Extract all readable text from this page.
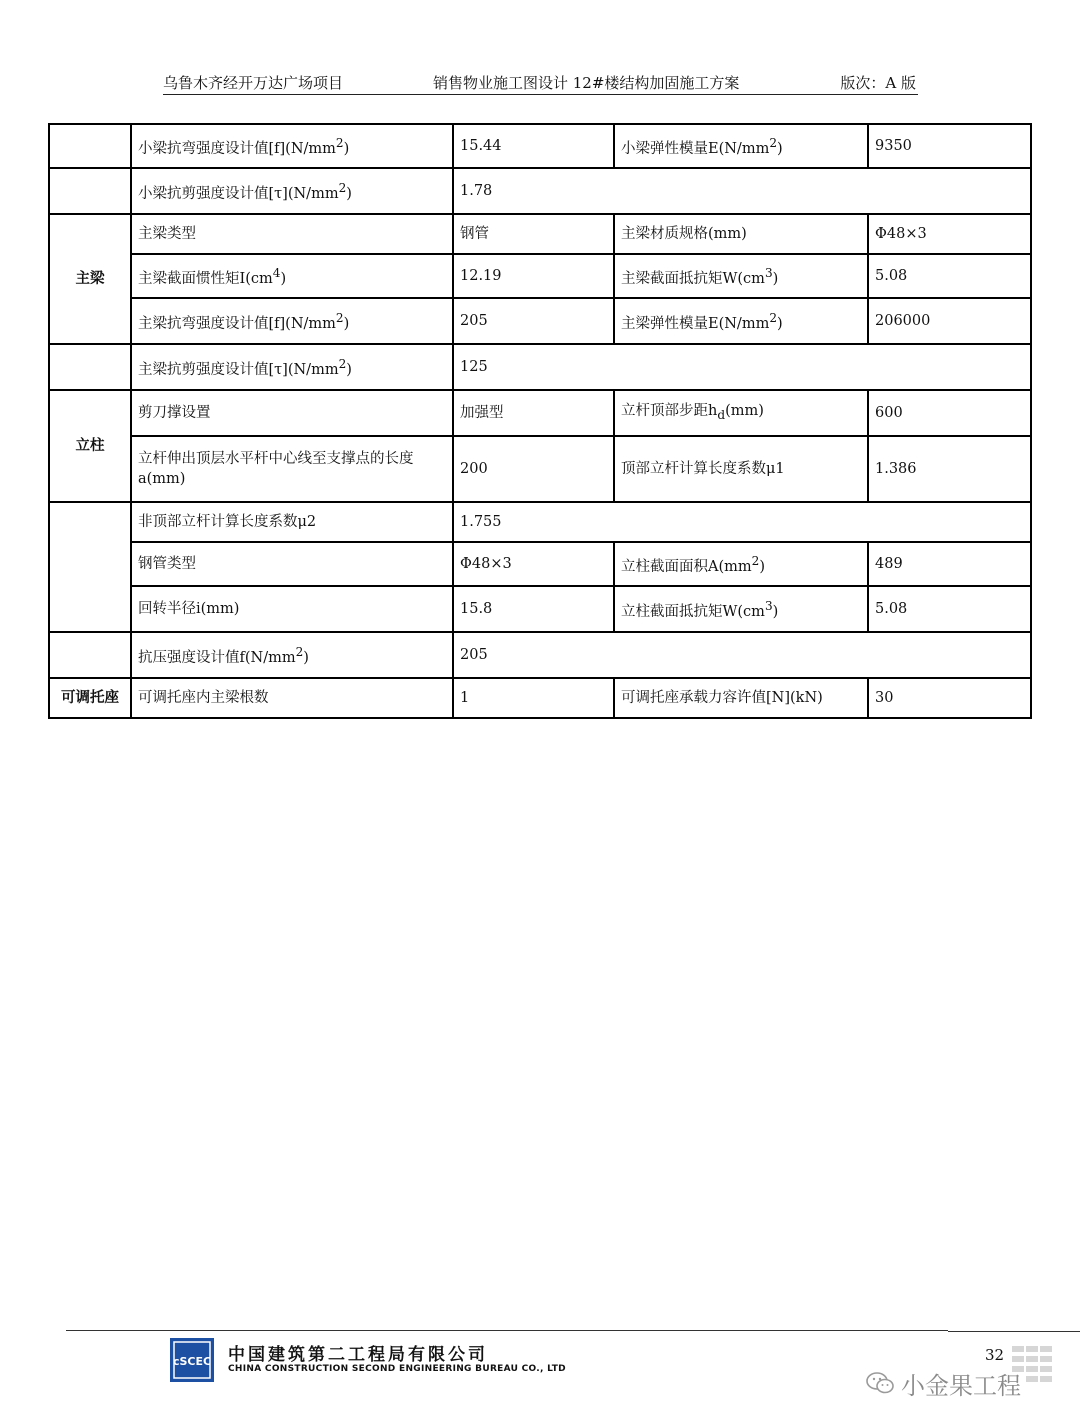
乌鲁木齐经开万达广场项目	销售物业施工图设计 12#楼结构加固施工方案	版次：A 版
	小梁抗弯强度设计值$[f](N/mm^2)$	15.44	小梁弹性模量$E(N/mm^2)$	9350
	小梁抗剪强度设计值$[\tau](N/mm^2)$	1.78		
主梁	主梁类型	钢管	主梁材质规格(mm)	Φ48×3
	主梁截面惯性矩$I(cm^4)$	12.19	主梁截面抵抗矩$W(cm^3)$	5.08
	主梁抗弯强度设计值$[f](N/mm^2)$	205	主梁弹性模量$E(N/mm^2)$	206000
	主梁抗剪强度设计值$[\tau](N/mm^2)$	125		
立柱	剪刀撑设置	加强型	立杆顶部步距$h_d(mm)$	600
	立杆伸出顶层水平杆中心线至支撑点的长度a(mm)	200	顶部立杆计算长度系数μ1	1.386
	非顶部立杆计算长度系数μ2	1.755		
	钢管类型	Φ48×3	立柱截面面积$A(mm^2)$	489
	回转半径i(mm)	15.8	立柱截面抵抗矩$W(cm^3)$	5.08
	抗压强度设计值$f(N/mm^2)$	205		
可调托座	可调托座内主梁根数	1	可调托座承载力容许值[N](kN)	30
cSCEC 中国建筑第二工程局有限公司
CHINA CONSTRUCTION SECOND ENGINEERING BUREAU CO., LTD
32
小金果工程
